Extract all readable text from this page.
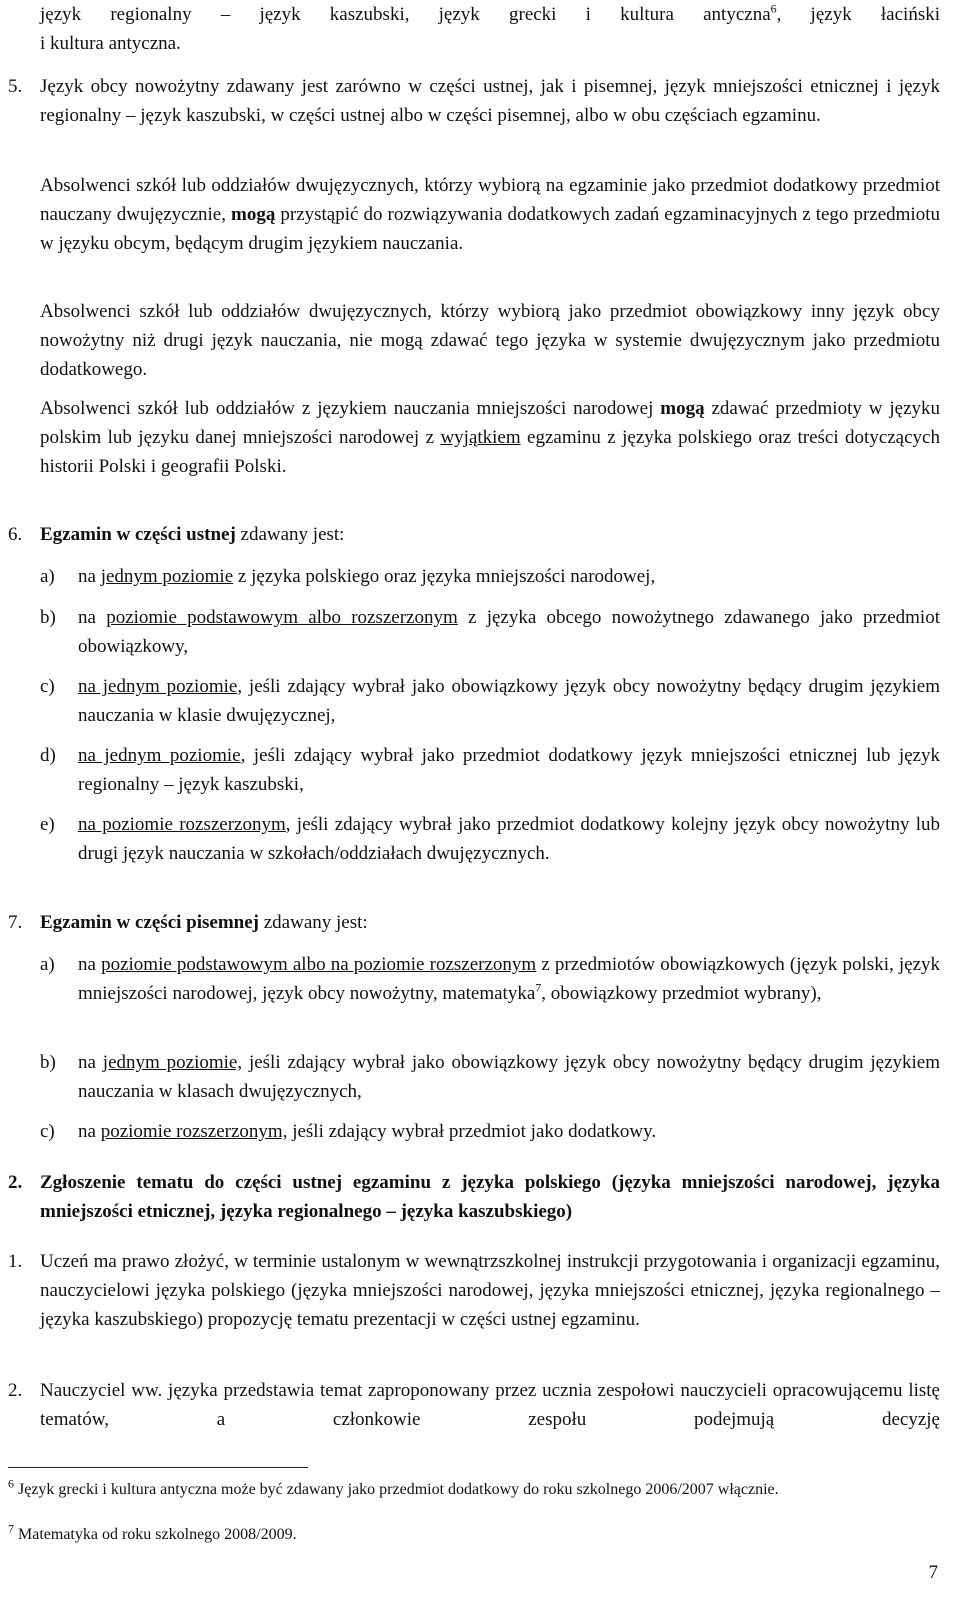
język regionalny – język kaszubski, język grecki i kultura antyczna$^6$, język łaciński

i kultura antyczna.

5. Język obcy nowożytny zdawany jest zarówno w części ustnej, jak i pisemnej, język mniejszości etnicznej i język regionalny – język kaszubski, w części ustnej albo w części pisemnej, albo w obu częściach egzaminu.

Absolwenci szkół lub oddziałów dwujęzycznych, którzy wybiorą na egzaminie jako przedmiot dodatkowy przedmiot nauczany dwujęzycznie, mogą przystąpić do rozwiązywania dodatkowych zadań egzaminacyjnych z tego przedmiotu w języku obcym, będącym drugim językiem nauczania.

Absolwenci szkół lub oddziałów dwujęzycznych, którzy wybiorą jako przedmiot obowiązkowy inny język obcy nowożytny niż drugi język nauczania, nie mogą zdawać tego języka w systemie dwujęzycznym jako przedmiotu dodatkowego.

Absolwenci szkół lub oddziałów z językiem nauczania mniejszości narodowej mogą zdawać przedmioty w języku polskim lub języku danej mniejszości narodowej z wyjątkiem egzaminu z języka polskiego oraz treści dotyczących historii Polski i geografii Polski.

6. Egzamin w części ustnej zdawany jest:

a) na jednym poziomie z języka polskiego oraz języka mniejszości narodowej,

b) na poziomie podstawowym albo rozszerzonym z języka obcego nowożytnego zdawanego jako przedmiot obowiązkowy,

c) na jednym poziomie, jeśli zdający wybrał jako obowiązkowy język obcy nowożytny będący drugim językiem nauczania w klasie dwujęzycznej,

d) na jednym poziomie, jeśli zdający wybrał jako przedmiot dodatkowy język mniejszości etnicznej lub język regionalny – język kaszubski,

e) na poziomie rozszerzonym, jeśli zdający wybrał jako przedmiot dodatkowy kolejny język obcy nowożytny lub drugi język nauczania w szkołach/oddziałach dwujęzycznych.

7. Egzamin w części pisemnej zdawany jest:

a) na poziomie podstawowym albo na poziomie rozszerzonym z przedmiotów obowiązkowych (język polski, język mniejszości narodowej, język obcy nowożytny, matematyka$^7$, obowiązkowy przedmiot wybrany),

b) na jednym poziomie, jeśli zdający wybrał jako obowiązkowy język obcy nowożytny będący drugim językiem nauczania w klasach dwujęzycznych,

c) na poziomie rozszerzonym, jeśli zdający wybrał przedmiot jako dodatkowy.

2. Zgłoszenie tematu do części ustnej egzaminu z języka polskiego (języka mniejszości narodowej, języka mniejszości etnicznej, języka regionalnego – języka kaszubskiego)

1. Uczeń ma prawo złożyć, w terminie ustalonym w wewnątrzszkolnej instrukcji przygotowania i organizacji egzaminu, nauczycielowi języka polskiego (języka mniejszości narodowej, języka mniejszości etnicznej, języka regionalnego – języka kaszubskiego) propozycję tematu prezentacji w części ustnej egzaminu.

2. Nauczyciel ww. języka przedstawia temat zaproponowany przez ucznia zespołowi nauczycieli opracowującemu listę tematów, a członkowie zespołu podejmują decyzję

$^6$ Język grecki i kultura antyczna może być zdawany jako przedmiot dodatkowy do roku szkolnego 2006/2007 włącznie.
$^7$ Matematyka od roku szkolnego 2008/2009.
7
